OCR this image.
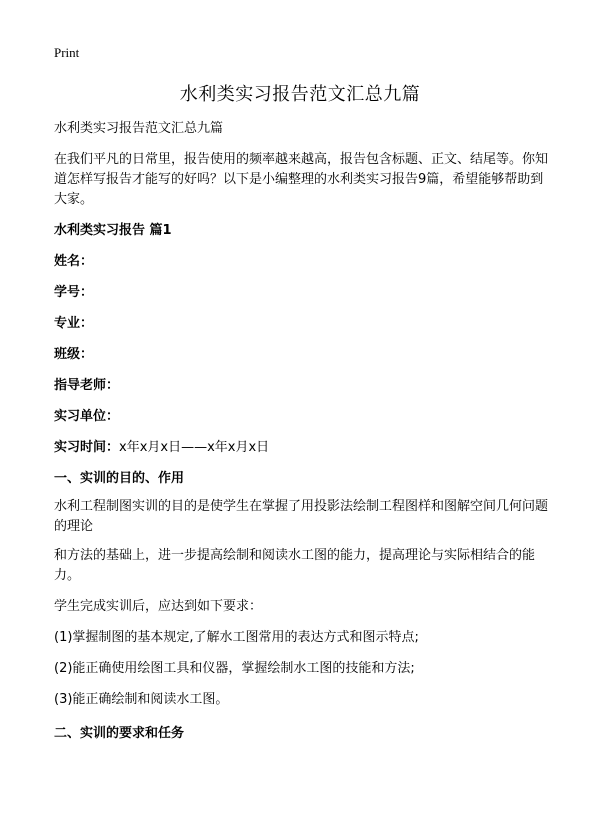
Print
水利类实习报告范文汇总九篇

水利类实习报告范文汇总九篇

在我们平凡的日常里，报告使用的频率越来越高，报告包含标题、正文、结尾等。你知道怎样写报告才能写的好吗？以下是小编整理的水利类实习报告9篇，希望能够帮助到大家。

水利类实习报告 篇1

姓名：

学号：

专业：

班级：

指导老师：

实习单位：

实习时间：x年x月x日——x年x月x日

一、实训的目的、作用

水利工程制图实训的目的是使学生在掌握了用投影法绘制工程图样和图解空间几何问题的理论

和方法的基础上，进一步提高绘制和阅读水工图的能力，提高理论与实际相结合的能力。

学生完成实训后，应达到如下要求：

(1)掌握制图的基本规定,了解水工图常用的表达方式和图示特点;

(2)能正确使用绘图工具和仪器，掌握绘制水工图的技能和方法;

(3)能正确绘制和阅读水工图。

二、实训的要求和任务
